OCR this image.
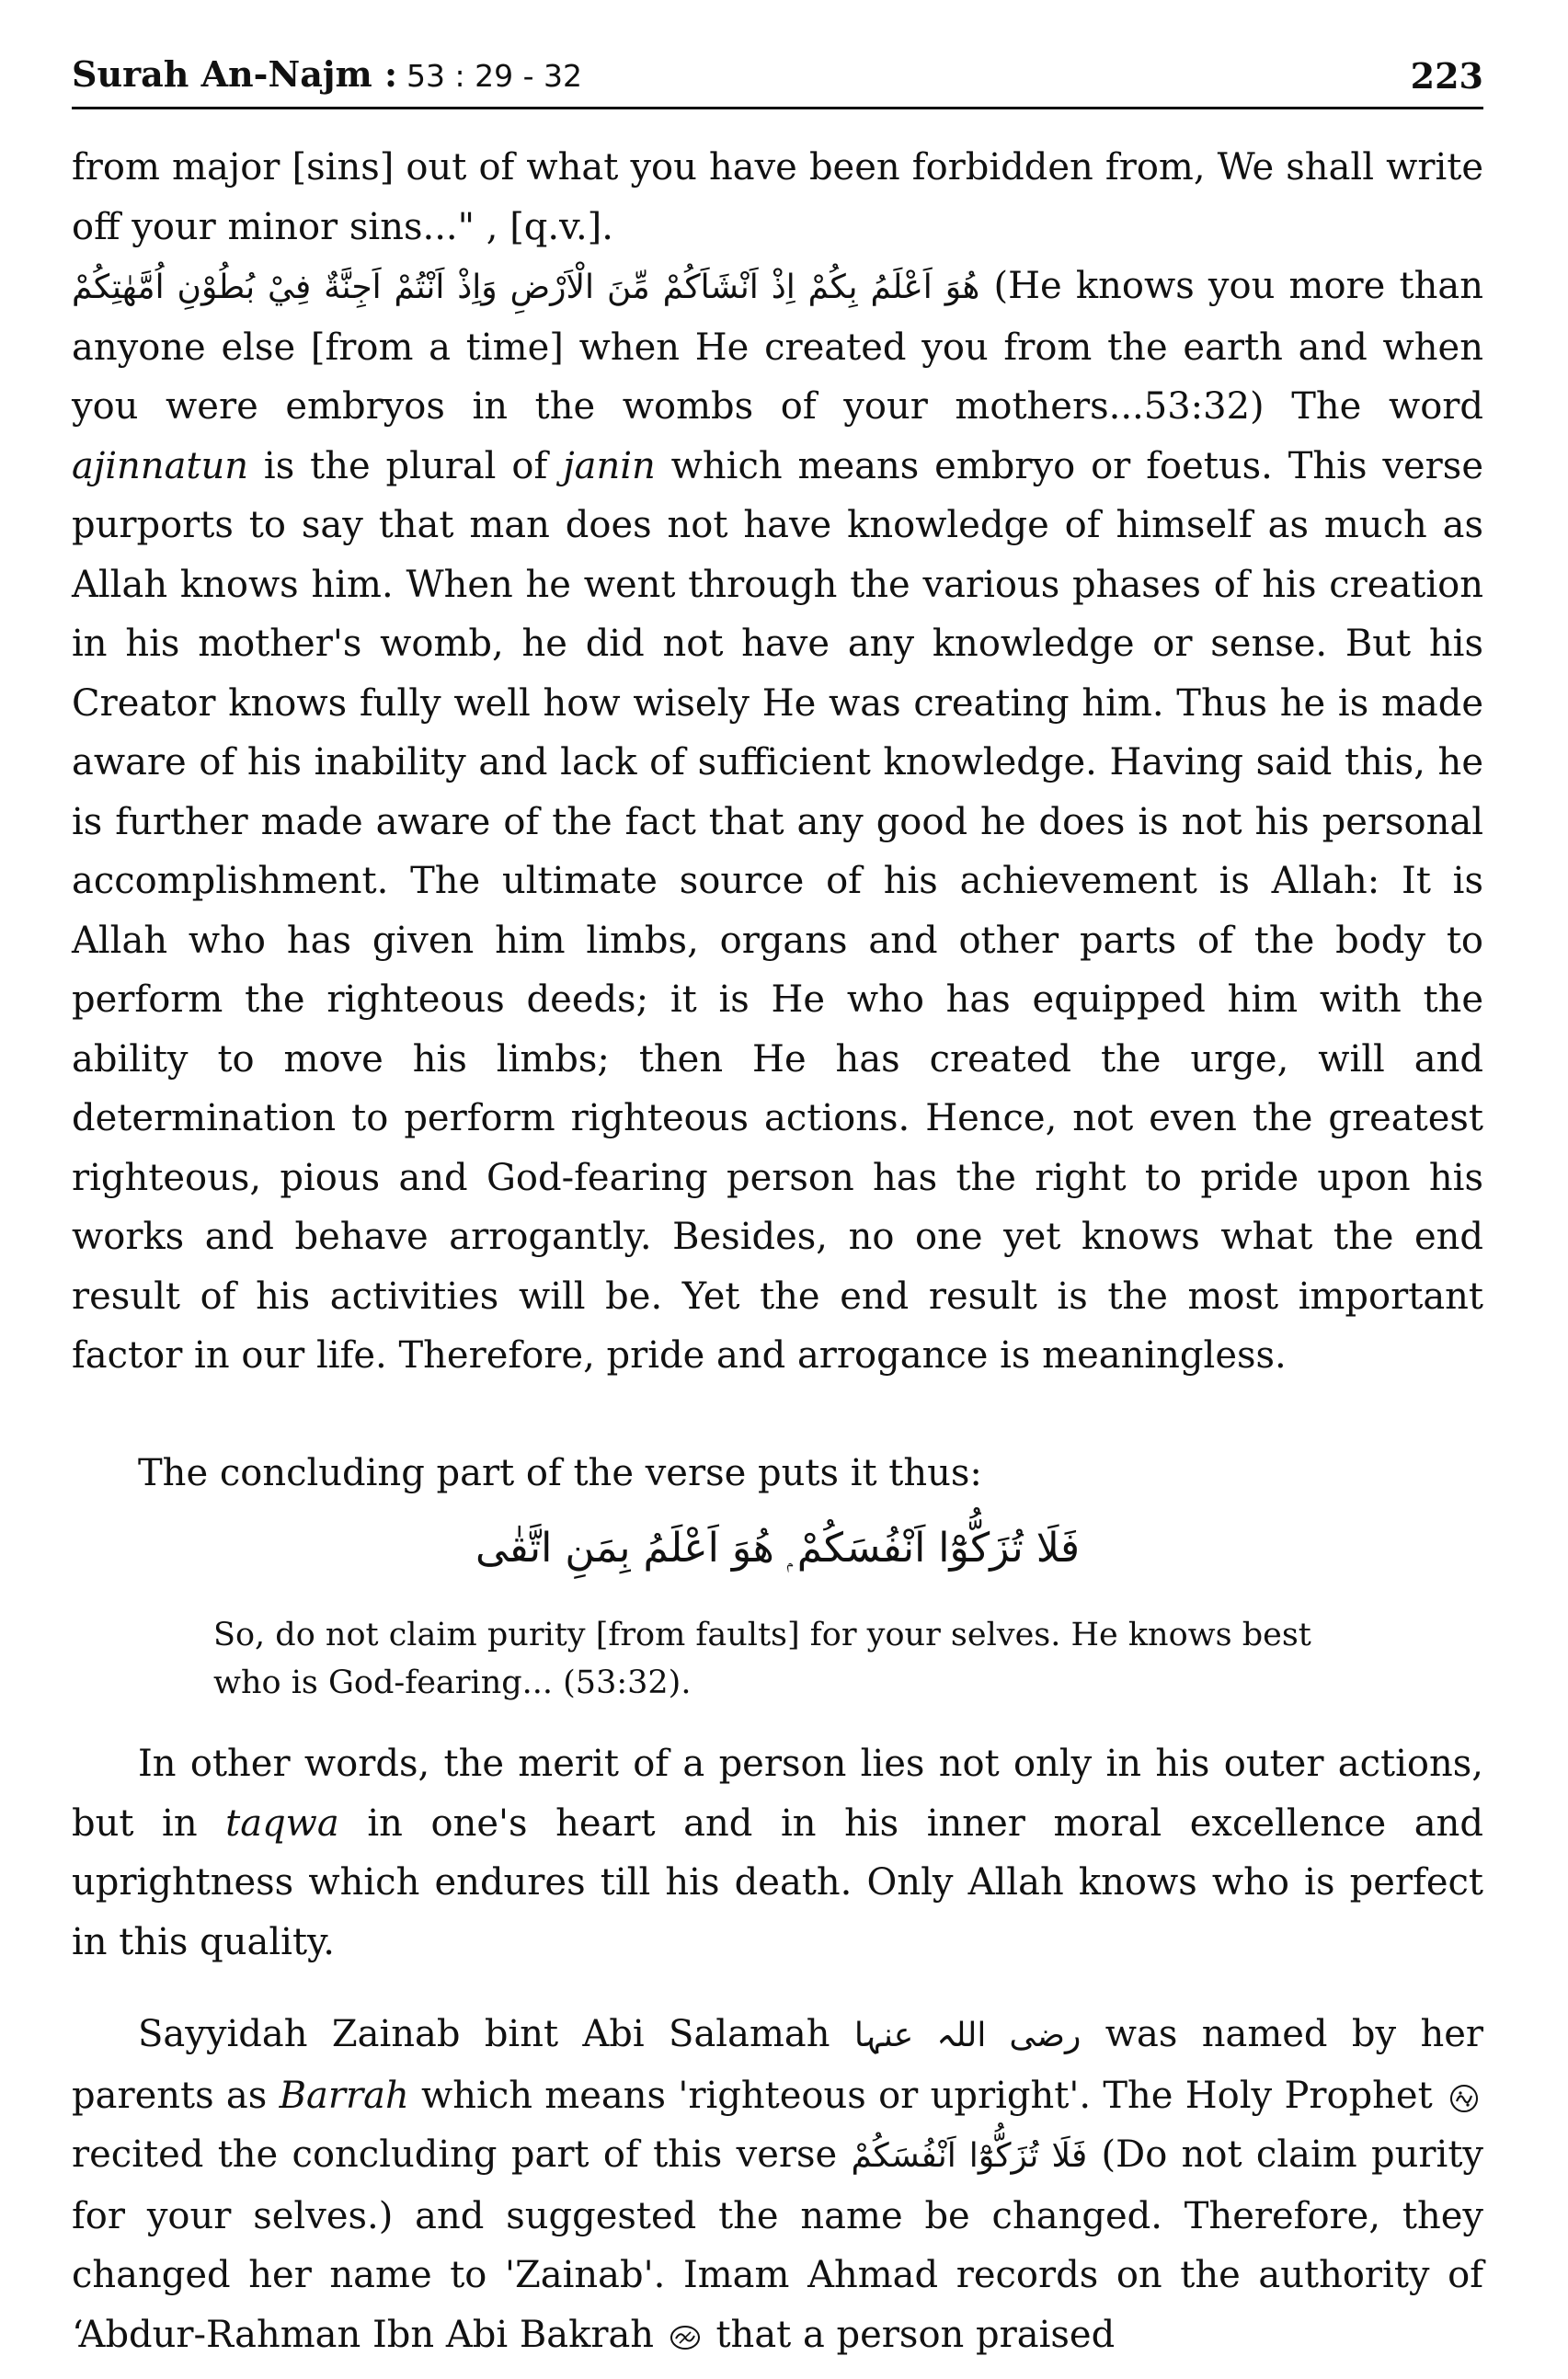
Surah An-Najm : 53 : 29 - 32	223

from major [sins] out of what you have been forbidden from, We shall write off your minor sins..." , [q.v.].

هُوَ اَعْلَمُ بِكُمْ اِذْ اَنْشَاَكُمْ مِّنَ الْاَرْضِ وَاِذْ اَنْتُمْ اَجِنَّةٌ فِيْ بُطُوْنِ اُمَّهٰتِكُمْ (He knows you more than anyone else [from a time] when He created you from the earth and when you were embryos in the wombs of your mothers...53:32) The word ajinnatun is the plural of janin which means embryo or foetus. This verse purports to say that man does not have knowledge of himself as much as Allah knows him. When he went through the various phases of his creation in his mother's womb, he did not have any knowledge or sense. But his Creator knows fully well how wisely He was creating him. Thus he is made aware of his inability and lack of sufficient knowledge. Having said this, he is further made aware of the fact that any good he does is not his personal accomplishment. The ultimate source of his achievement is Allah: It is Allah who has given him limbs, organs and other parts of the body to perform the righteous deeds; it is He who has equipped him with the ability to move his limbs; then He has created the urge, will and determination to perform righteous actions. Hence, not even the greatest righteous, pious and God-fearing person has the right to pride upon his works and behave arrogantly. Besides, no one yet knows what the end result of his activities will be. Yet the end result is the most important factor in our life. Therefore, pride and arrogance is meaningless.

The concluding part of the verse puts it thus:

فَلَا تُزَكُّوْٓا اَنْفُسَكُمْ ۭ هُوَ اَعْلَمُ بِمَنِ اتَّقٰى

So, do not claim purity [from faults] for your selves. He knows best who is God-fearing... (53:32).

In other words, the merit of a person lies not only in his outer actions, but in taqwa in one's heart and in his inner moral excellence and uprightness which endures till his death. Only Allah knows who is perfect in this quality.

Sayyidah Zainab bint Abi Salamah رضی اللہ عنہا was named by her parents as Barrah which means 'righteous or upright'. The Holy Prophet  recited the concluding part of this verse فَلَا تُزَكُّوْٓا اَنْفُسَكُمْ (Do not claim purity for your selves.) and suggested the name be changed. Therefore, they changed her name to 'Zainab'. Imam Ahmad records on the authority of ‘Abdur-Rahman Ibn Abi Bakrah  that a person praised
